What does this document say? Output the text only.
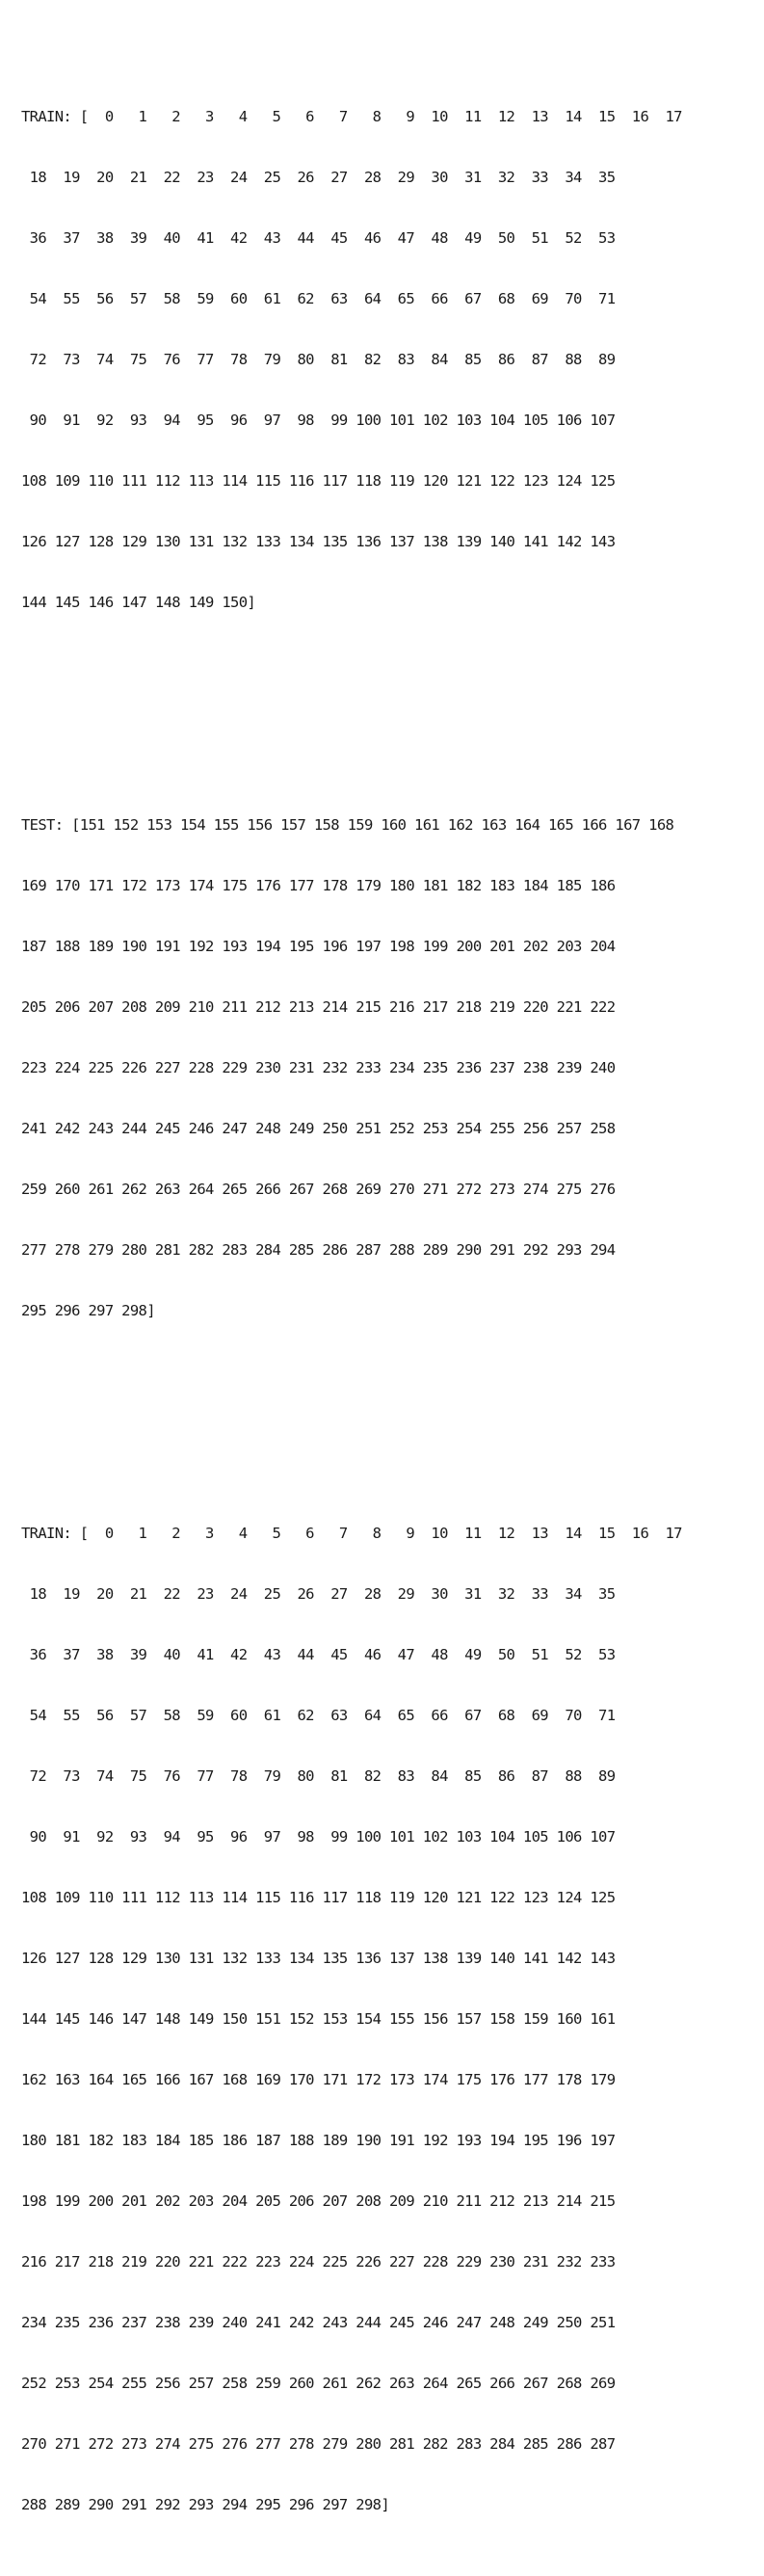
TRAIN: [  0   1   2   3   4   5   6   7   8   9  10  11  12  13  14  15  16  17

18  19  20  21  22  23  24  25  26  27  28  29  30  31  32  33  34  35

36  37  38  39  40  41  42  43  44  45  46  47  48  49  50  51  52  53

54  55  56  57  58  59  60  61  62  63  64  65  66  67  68  69  70  71

72  73  74  75  76  77  78  79  80  81  82  83  84  85  86  87  88  89

90  91  92  93  94  95  96  97  98  99 100 101 102 103 104 105 106 107

108 109 110 111 112 113 114 115 116 117 118 119 120 121 122 123 124 125

126 127 128 129 130 131 132 133 134 135 136 137 138 139 140 141 142 143

144 145 146 147 148 149 150]

TEST: [151 152 153 154 155 156 157 158 159 160 161 162 163 164 165 166 167 168

169 170 171 172 173 174 175 176 177 178 179 180 181 182 183 184 185 186

187 188 189 190 191 192 193 194 195 196 197 198 199 200 201 202 203 204

205 206 207 208 209 210 211 212 213 214 215 216 217 218 219 220 221 222

223 224 225 226 227 228 229 230 231 232 233 234 235 236 237 238 239 240

241 242 243 244 245 246 247 248 249 250 251 252 253 254 255 256 257 258

259 260 261 262 263 264 265 266 267 268 269 270 271 272 273 274 275 276

277 278 279 280 281 282 283 284 285 286 287 288 289 290 291 292 293 294

295 296 297 298]

TRAIN: [  0   1   2   3   4   5   6   7   8   9  10  11  12  13  14  15  16  17

18  19  20  21  22  23  24  25  26  27  28  29  30  31  32  33  34  35

36  37  38  39  40  41  42  43  44  45  46  47  48  49  50  51  52  53

54  55  56  57  58  59  60  61  62  63  64  65  66  67  68  69  70  71

72  73  74  75  76  77  78  79  80  81  82  83  84  85  86  87  88  89

90  91  92  93  94  95  96  97  98  99 100 101 102 103 104 105 106 107

108 109 110 111 112 113 114 115 116 117 118 119 120 121 122 123 124 125

126 127 128 129 130 131 132 133 134 135 136 137 138 139 140 141 142 143

144 145 146 147 148 149 150 151 152 153 154 155 156 157 158 159 160 161

162 163 164 165 166 167 168 169 170 171 172 173 174 175 176 177 178 179

180 181 182 183 184 185 186 187 188 189 190 191 192 193 194 195 196 197

198 199 200 201 202 203 204 205 206 207 208 209 210 211 212 213 214 215

216 217 218 219 220 221 222 223 224 225 226 227 228 229 230 231 232 233

234 235 236 237 238 239 240 241 242 243 244 245 246 247 248 249 250 251

252 253 254 255 256 257 258 259 260 261 262 263 264 265 266 267 268 269

270 271 272 273 274 275 276 277 278 279 280 281 282 283 284 285 286 287

288 289 290 291 292 293 294 295 296 297 298]
